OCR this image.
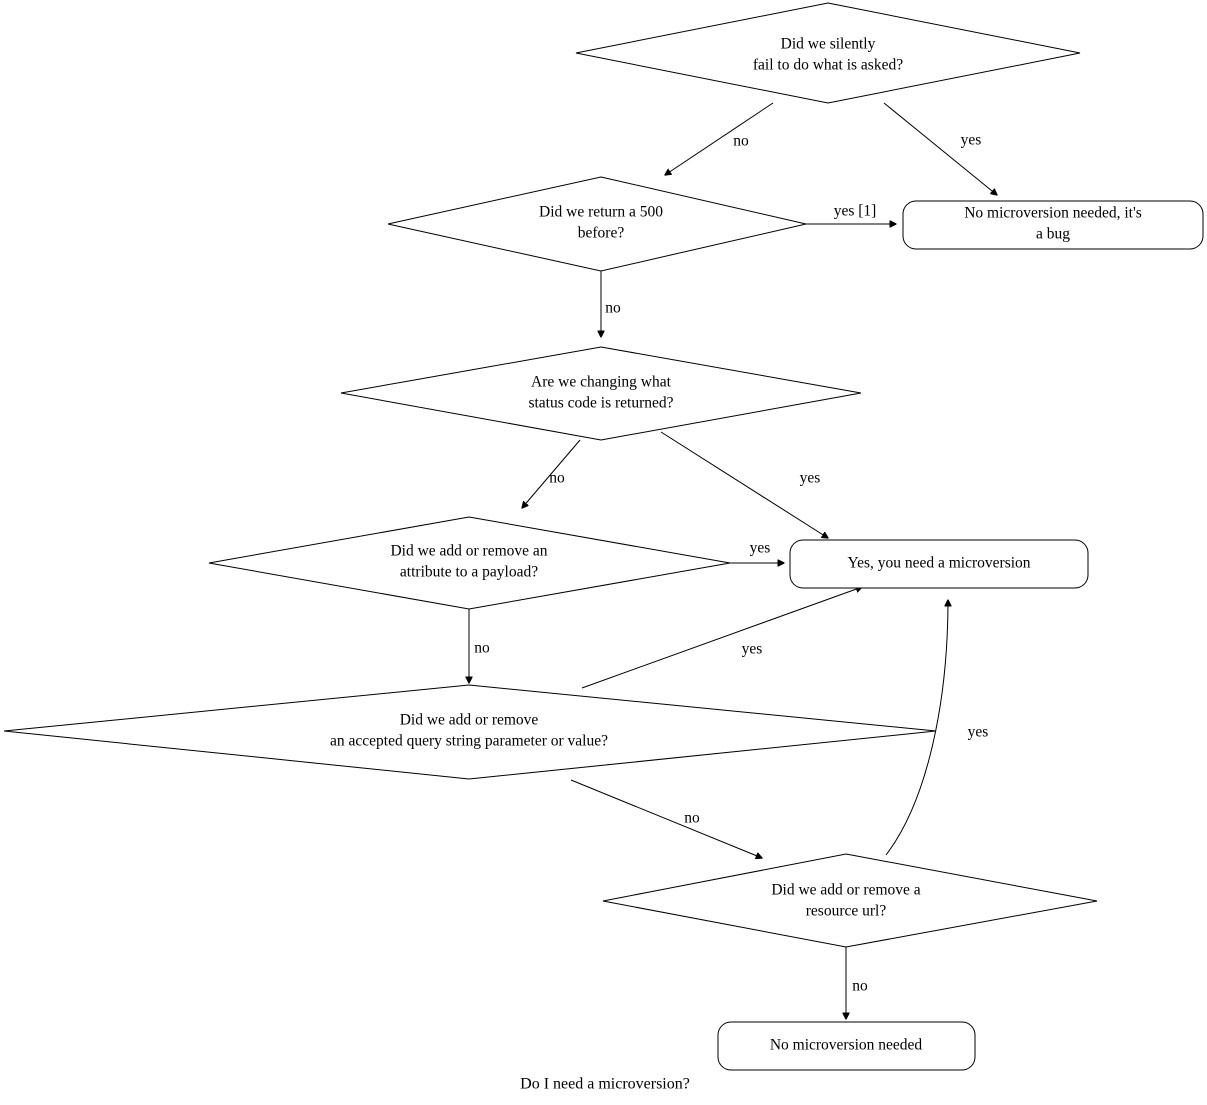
no	yes
yes [1]
no
no	yes
yes
no	yes
no
yes
no
Did we silently
fail to do what is asked?
Did we return a 500
before?
No microversion needed, it's
a bug
Are we changing what
status code is returned?
Did we add or remove an
attribute to a payload?
Yes, you need a microversion
Did we add or remove
an accepted query string parameter or value?
Did we add or remove a
resource url?
No microversion needed
Do I need a microversion?
